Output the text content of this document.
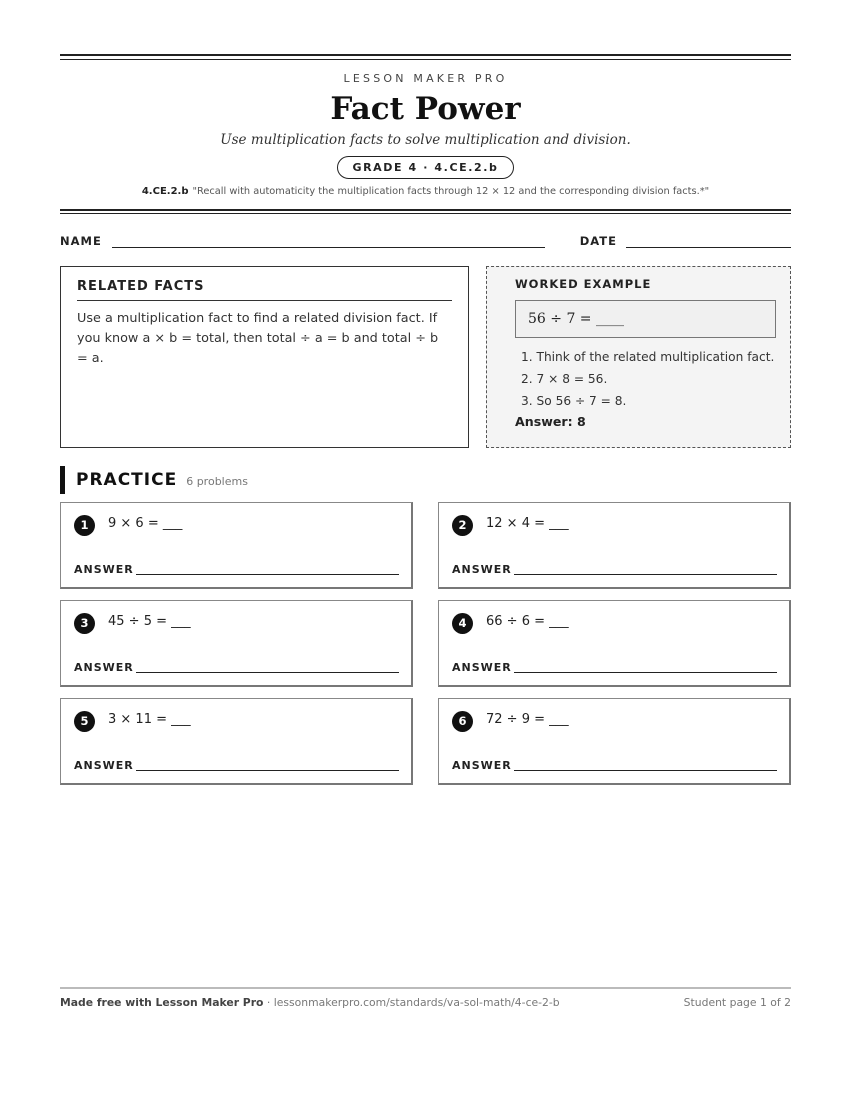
LESSON MAKER PRO
Fact Power
Use multiplication facts to solve multiplication and division.
GRADE 4 · 4.CE.2.b
4.CE.2.b "Recall with automaticity the multiplication facts through 12 × 12 and the corresponding division facts.*"
NAME	DATE
RELATED FACTS
Use a multiplication fact to find a related division fact. If you know a × b = total, then total ÷ a = b and total ÷ b = a.
WORKED EXAMPLE
56 ÷ 7 = ____
1. Think of the related multiplication fact.
2. 7 × 8 = 56.
3. So 56 ÷ 7 = 8.
Answer: 8
PRACTICE 6 problems
1	9 × 6 = ___
ANSWER
2	12 × 4 = ___
ANSWER
3	45 ÷ 5 = ___
ANSWER
4	66 ÷ 6 = ___
ANSWER
5	3 × 11 = ___
ANSWER
6	72 ÷ 9 = ___
ANSWER
Made free with Lesson Maker Pro · lessonmakerpro.com/standards/va-sol-math/4-ce-2-b	Student page 1 of 2
